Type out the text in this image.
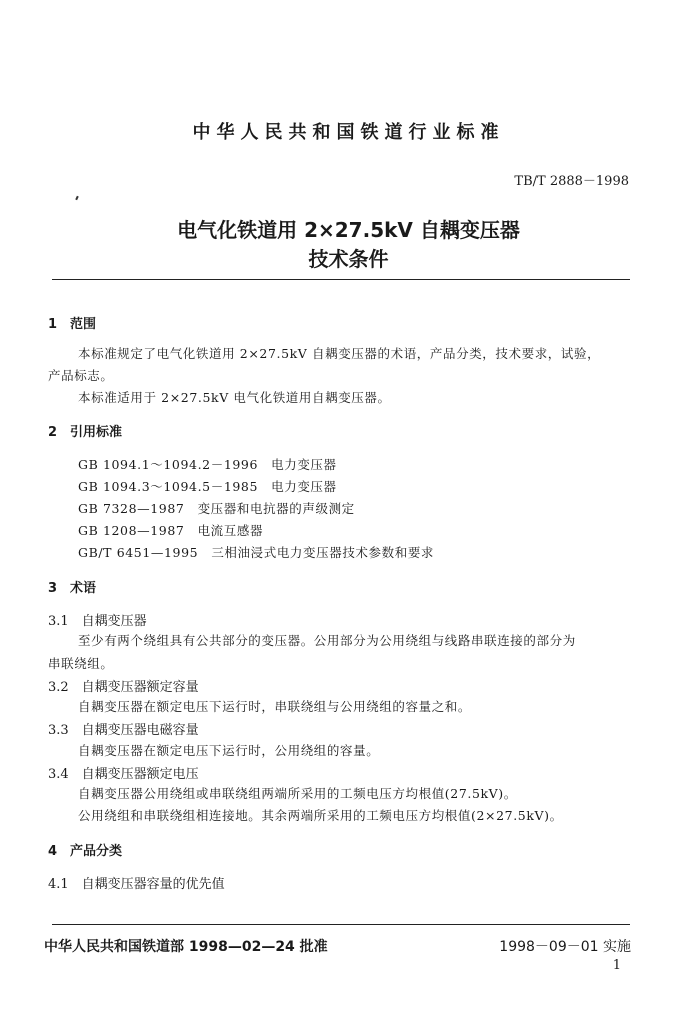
中华人民共和国铁道行业标准
TB/T 2888－1998
电气化铁道用 2×27.5kV 自耦变压器
技术条件
1　范围
本标准规定了电气化铁道用 2×27.5kV 自耦变压器的术语，产品分类，技术要求，试验，
产品标志。
本标准适用于 2×27.5kV 电气化铁道用自耦变压器。
2　引用标准
GB 1094.1～1094.2－1996　电力变压器
GB 1094.3～1094.5－1985　电力变压器
GB 7328—1987　变压器和电抗器的声级测定
GB 1208—1987　电流互感器
GB/T 6451—1995　三相油浸式电力变压器技术参数和要求
3　术语
3.1　自耦变压器
至少有两个绕组具有公共部分的变压器。公用部分为公用绕组与线路串联连接的部分为
串联绕组。
3.2　自耦变压器额定容量
自耦变压器在额定电压下运行时，串联绕组与公用绕组的容量之和。
3.3　自耦变压器电磁容量
自耦变压器在额定电压下运行时，公用绕组的容量。
3.4　自耦变压器额定电压
自耦变压器公用绕组或串联绕组两端所采用的工频电压方均根值(27.5kV)。
公用绕组和串联绕组相连接地。其余两端所采用的工频电压方均根值(2×27.5kV)。
4　产品分类
4.1　自耦变压器容量的优先值
中华人民共和国铁道部 1998—02—24 批准	1998－09－01 实施
1
